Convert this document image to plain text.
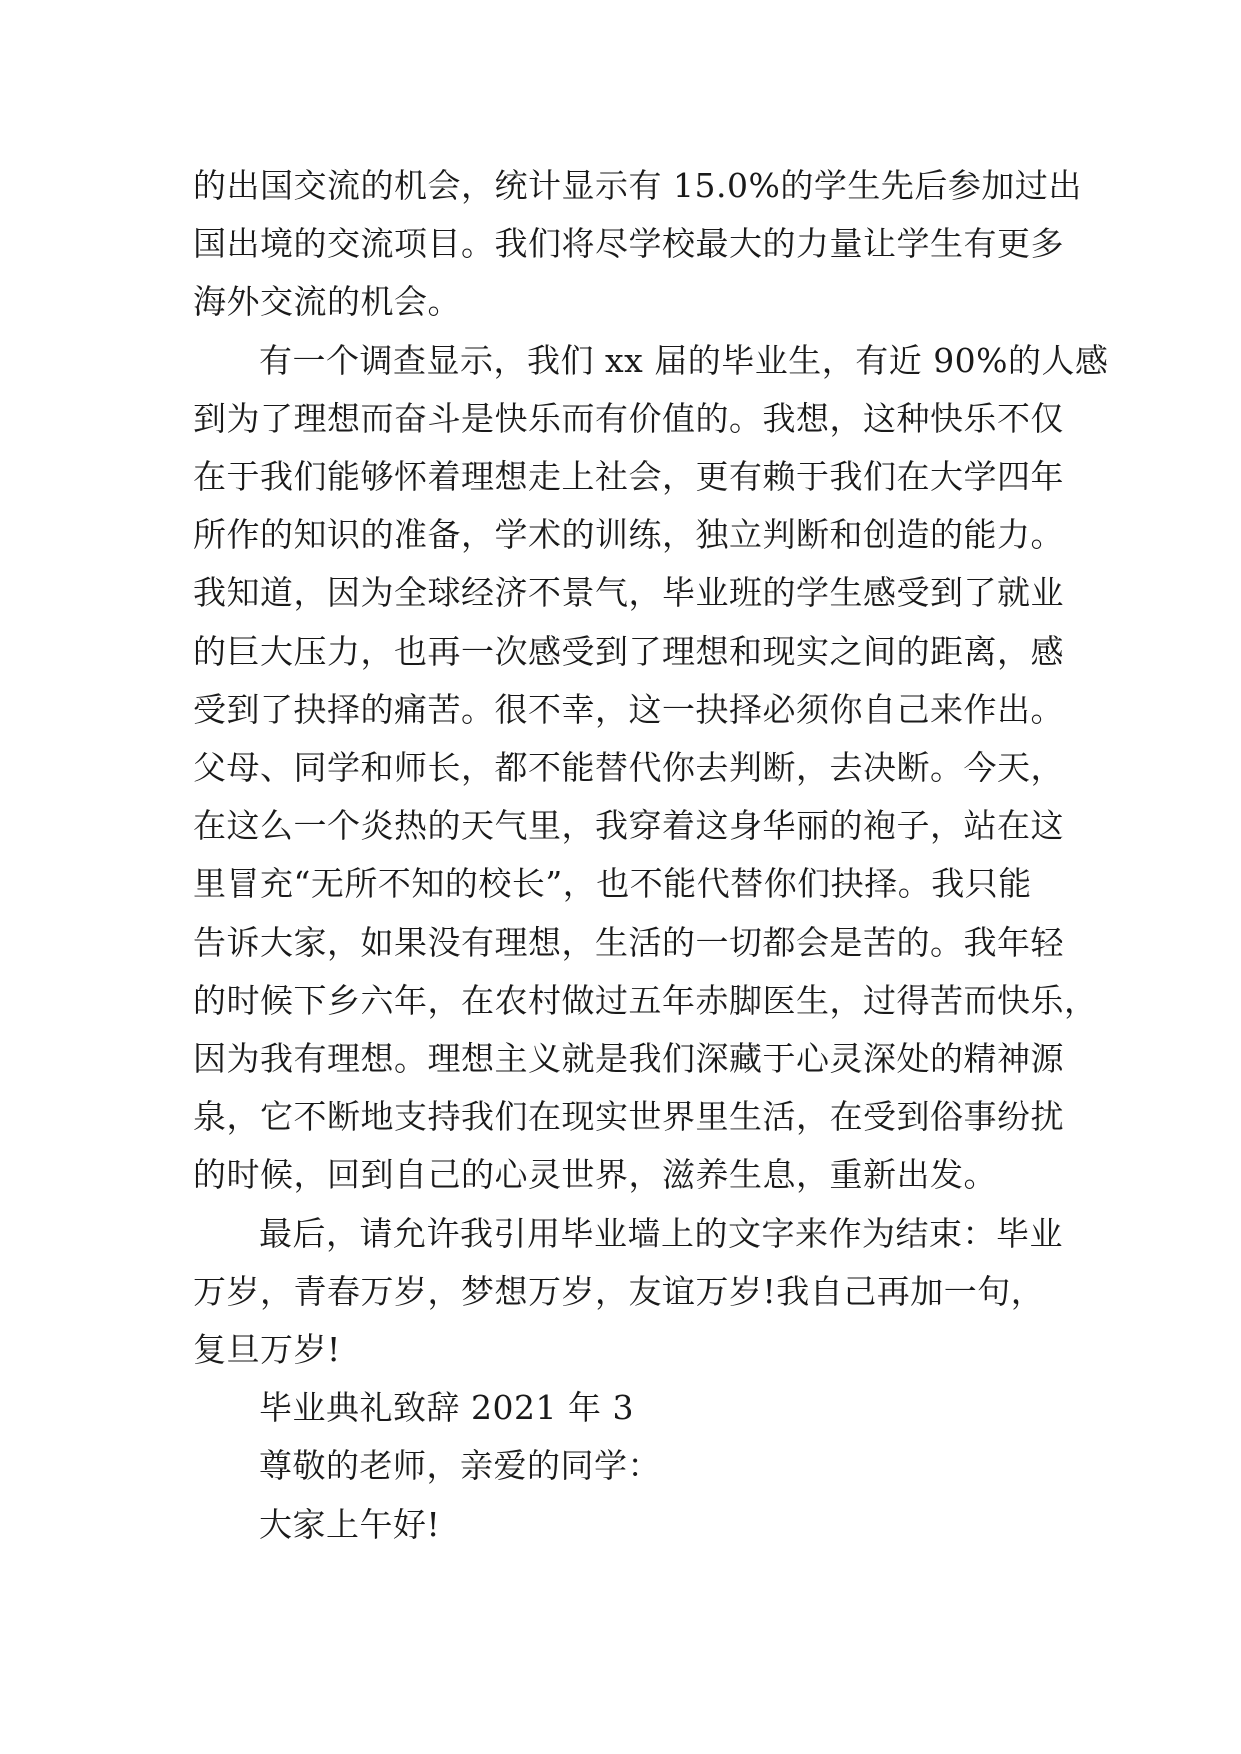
的出国交流的机会，统计显示有 15.0%的学生先后参加过出
国出境的交流项目。我们将尽学校最大的力量让学生有更多
海外交流的机会。

有一个调查显示，我们 xx 届的毕业生，有近 90%的人感
到为了理想而奋斗是快乐而有价值的。我想，这种快乐不仅
在于我们能够怀着理想走上社会，更有赖于我们在大学四年
所作的知识的准备，学术的训练，独立判断和创造的能力。
我知道，因为全球经济不景气，毕业班的学生感受到了就业
的巨大压力，也再一次感受到了理想和现实之间的距离，感
受到了抉择的痛苦。很不幸，这一抉择必须你自己来作出。
父母、同学和师长，都不能替代你去判断，去决断。今天，
在这么一个炎热的天气里，我穿着这身华丽的袍子，站在这
里冒充“无所不知的校长”，也不能代替你们抉择。我只能
告诉大家，如果没有理想，生活的一切都会是苦的。我年轻
的时候下乡六年，在农村做过五年赤脚医生，过得苦而快乐，
因为我有理想。理想主义就是我们深藏于心灵深处的精神源
泉，它不断地支持我们在现实世界里生活，在受到俗事纷扰
的时候，回到自己的心灵世界，滋养生息，重新出发。

最后，请允许我引用毕业墙上的文字来作为结束：毕业
万岁，青春万岁，梦想万岁，友谊万岁!我自己再加一句，
复旦万岁!

毕业典礼致辞 2021 年 3

尊敬的老师，亲爱的同学：

大家上午好!
